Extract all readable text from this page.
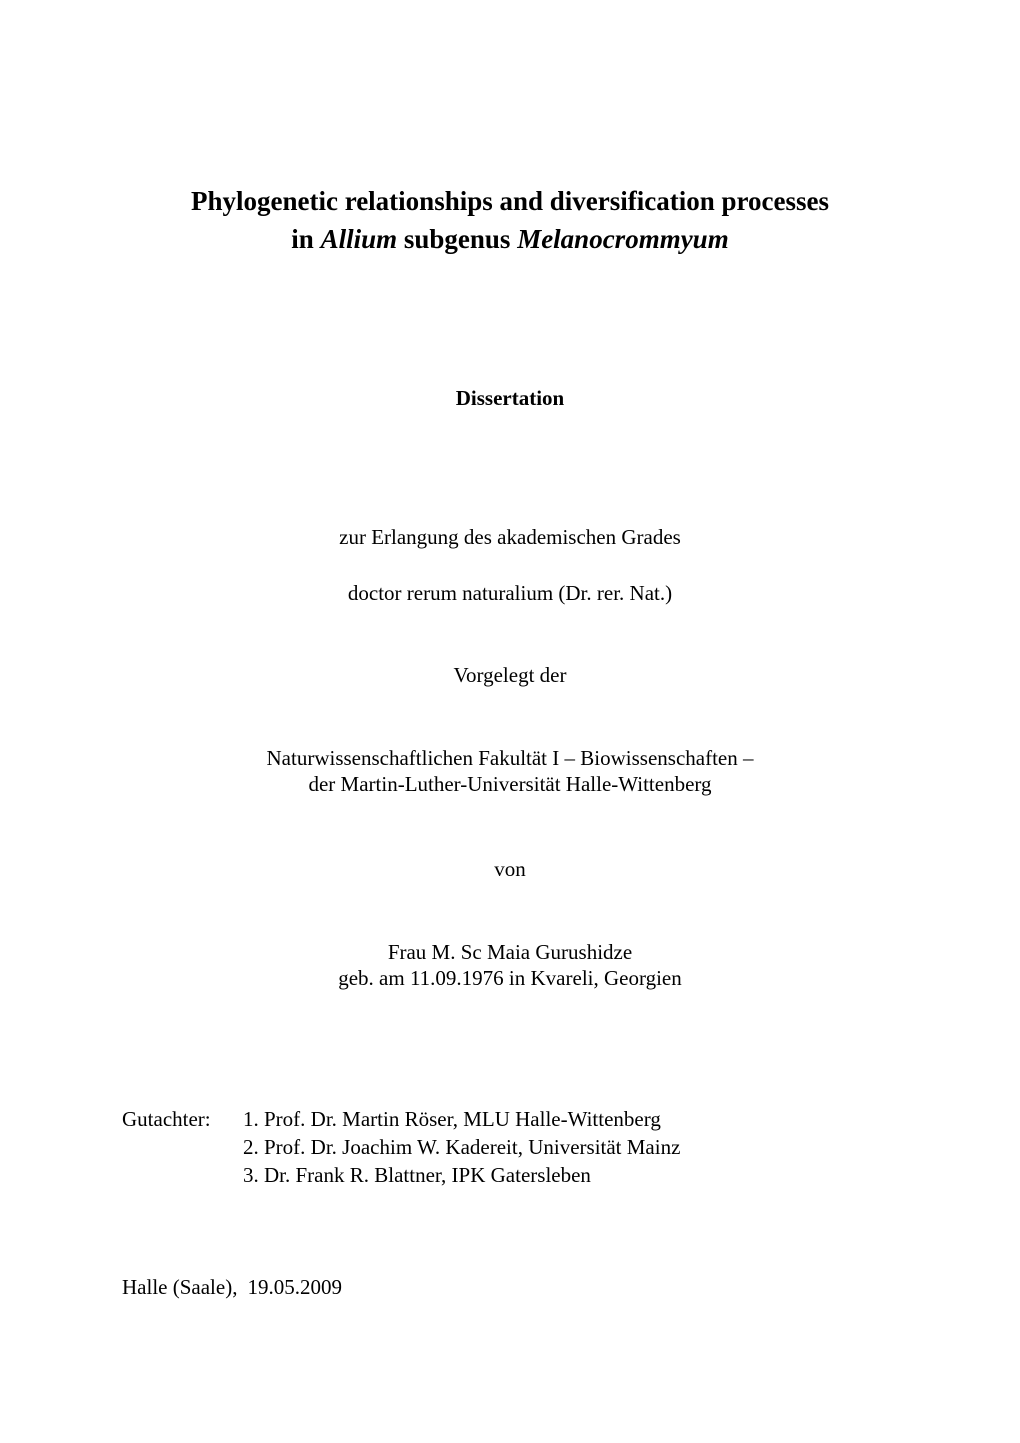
Phylogenetic relationships and diversification processes
in Allium subgenus Melanocrommyum
Dissertation
zur Erlangung des akademischen Grades
doctor rerum naturalium (Dr. rer. Nat.)
Vorgelegt der
Naturwissenschaftlichen Fakultät I – Biowissenschaften –
der Martin-Luther-Universität Halle-Wittenberg
von
Frau M. Sc Maia Gurushidze
geb. am 11.09.1976 in Kvareli, Georgien
Gutachter: 1. Prof. Dr. Martin Röser, MLU Halle-Wittenberg
2. Prof. Dr. Joachim W. Kadereit, Universität Mainz
3. Dr. Frank R. Blattner, IPK Gatersleben
Halle (Saale), 19.05.2009
